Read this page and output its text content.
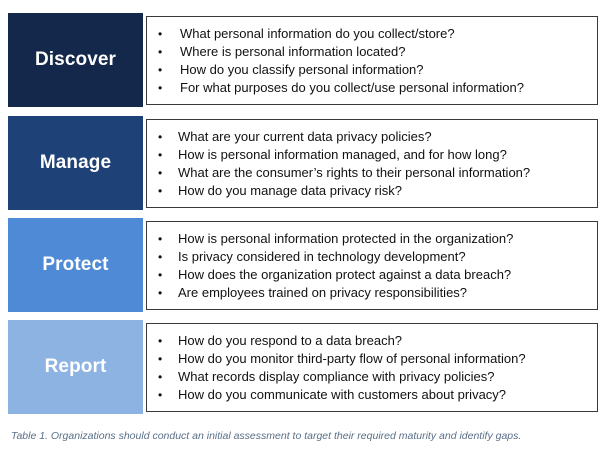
Discover
• What personal information do you collect/store?
• Where is personal information located?
• How do you classify personal information?
• For what purposes do you collect/use personal information?
Manage
• What are your current data privacy policies?
• How is personal information managed, and for how long?
• What are the consumer’s rights to their personal information?
• How do you manage data privacy risk?
Protect
• How is personal information protected in the organization?
• Is privacy considered in technology development?
• How does the organization protect against a data breach?
• Are employees trained on privacy responsibilities?
Report
• How do you respond to a data breach?
• How do you monitor third-party flow of personal information?
• What records display compliance with privacy policies?
• How do you communicate with customers about privacy?
Table 1. Organizations should conduct an initial assessment to target their required maturity and identify gaps.
